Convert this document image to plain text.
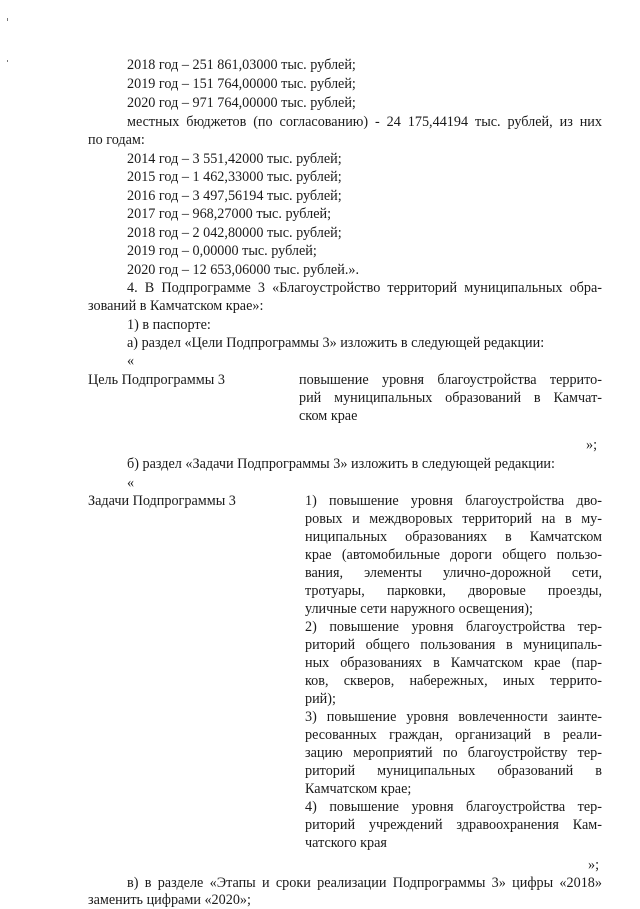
2018 год – 251 861,03000 тыс. рублей;
2019 год – 151 764,00000 тыс. рублей;
2020 год – 971 764,00000 тыс. рублей;
местных бюджетов (по согласованию) - 24 175,44194 тыс. рублей, из них
по годам:
2014 год – 3 551,42000 тыс. рублей;
2015 год – 1 462,33000 тыс. рублей;
2016 год – 3 497,56194 тыс. рублей;
2017 год – 968,27000 тыс. рублей;
2018 год – 2 042,80000 тыс. рублей;
2019 год – 0,00000 тыс. рублей;
2020 год – 12 653,06000 тыс. рублей.».
4. В Подпрограмме 3 «Благоустройство территорий муниципальных обра-
зований в Камчатском крае»:
1) в паспорте:
а) раздел «Цели Подпрограммы 3» изложить в следующей редакции:
«
Цель Подпрограммы 3	повышение уровня благоустройства террито-
рий муниципальных образований в Камчат-
ском крае
»;
б) раздел «Задачи Подпрограммы 3» изложить в следующей редакции:
«
Задачи Подпрограммы 3	1) повышение уровня благоустройства дво-
ровых и междворовых территорий на в му-
ниципальных образованиях в Камчатском
крае (автомобильные дороги общего пользо-
вания, элементы улично-дорожной сети,
тротуары, парковки, дворовые проезды,
уличные сети наружного освещения);
2) повышение уровня благоустройства тер-
риторий общего пользования в муниципаль-
ных образованиях в Камчатском крае (пар-
ков, скверов, набережных, иных террито-
рий);
3) повышение уровня вовлеченности заинте-
ресованных граждан, организаций в реали-
зацию мероприятий по благоустройству тер-
риторий муниципальных образований в
Камчатском крае;
4) повышение уровня благоустройства тер-
риторий учреждений здравоохранения Кам-
чатского края
»;
в) в разделе «Этапы и сроки реализации Подпрограммы 3» цифры «2018»
заменить цифрами «2020»;
